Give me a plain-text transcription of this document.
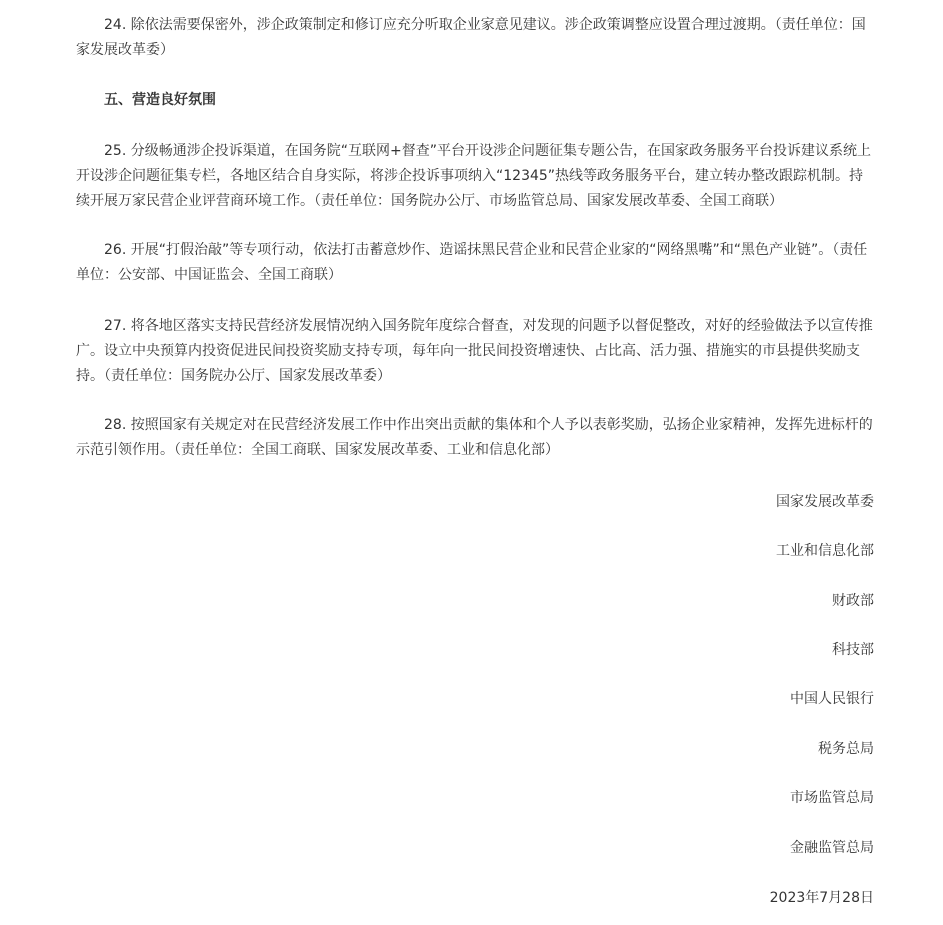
24. 除依法需要保密外，涉企政策制定和修订应充分听取企业家意见建议。涉企政策调整应设置合理过渡期。（责任单位：国家发展改革委）

五、营造良好氛围

25. 分级畅通涉企投诉渠道，在国务院“互联网+督查”平台开设涉企问题征集专题公告，在国家政务服务平台投诉建议系统上开设涉企问题征集专栏，各地区结合自身实际，将涉企投诉事项纳入“12345”热线等政务服务平台，建立转办整改跟踪机制。持续开展万家民营企业评营商环境工作。（责任单位：国务院办公厅、市场监管总局、国家发展改革委、全国工商联）

26. 开展“打假治敲”等专项行动，依法打击蓄意炒作、造谣抹黑民营企业和民营企业家的“网络黑嘴”和“黑色产业链”。（责任单位：公安部、中国证监会、全国工商联）

27. 将各地区落实支持民营经济发展情况纳入国务院年度综合督查，对发现的问题予以督促整改，对好的经验做法予以宣传推广。设立中央预算内投资促进民间投资奖励支持专项，每年向一批民间投资增速快、占比高、活力强、措施实的市县提供奖励支持。（责任单位：国务院办公厅、国家发展改革委）

28. 按照国家有关规定对在民营经济发展工作中作出突出贡献的集体和个人予以表彰奖励，弘扬企业家精神，发挥先进标杆的示范引领作用。（责任单位：全国工商联、国家发展改革委、工业和信息化部）

国家发展改革委

工业和信息化部

财政部

科技部

中国人民银行

税务总局

市场监管总局

金融监管总局

2023年7月28日
